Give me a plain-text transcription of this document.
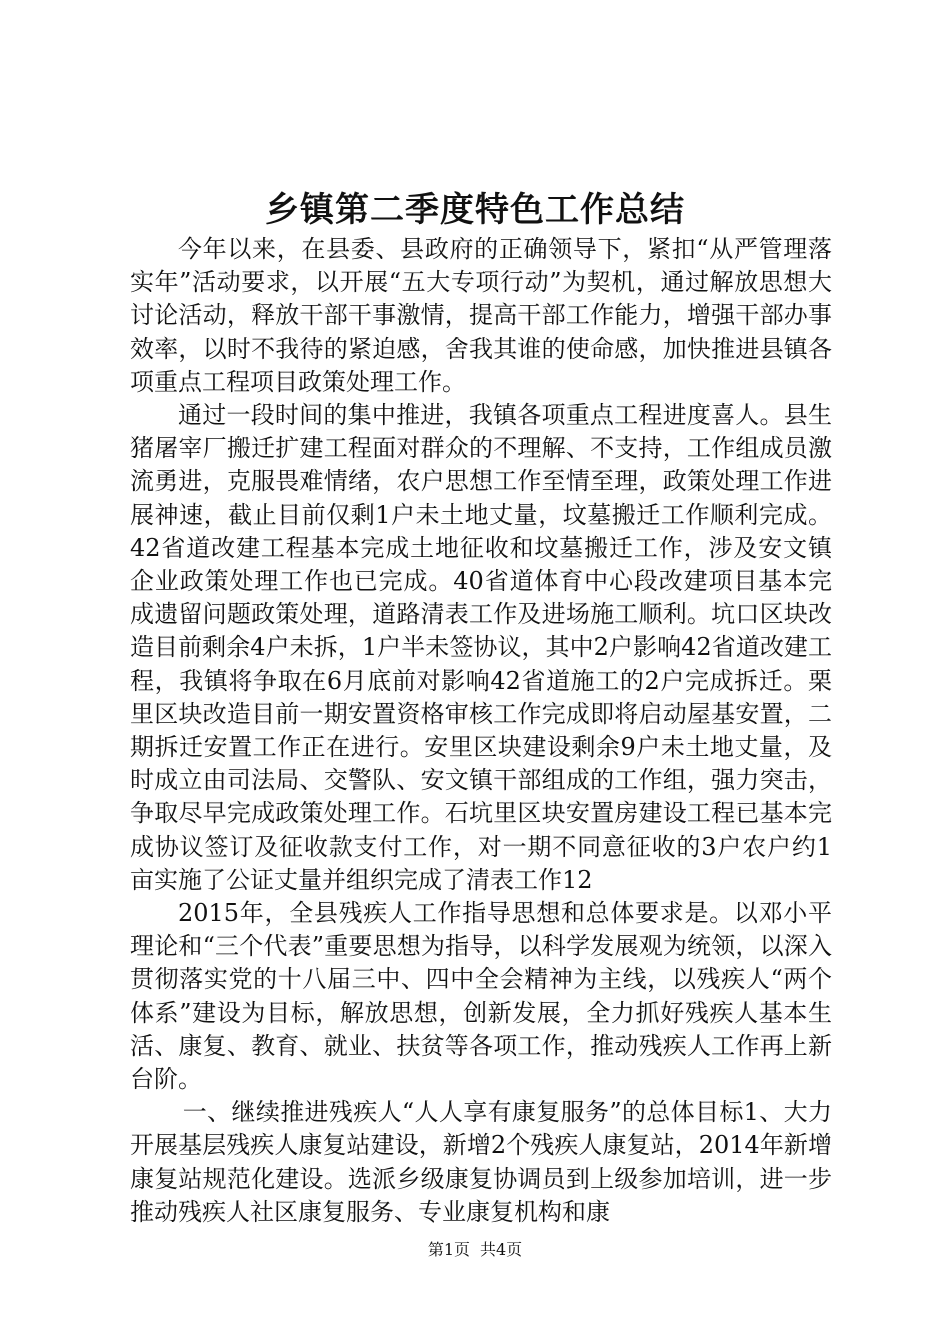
乡镇第二季度特色工作总结

今年以来，在县委、县政府的正确领导下，紧扣“从严管理落实年”活动要求，以开展“五大专项行动”为契机，通过解放思想大讨论活动，释放干部干事激情，提高干部工作能力，增强干部办事效率，以时不我待的紧迫感，舍我其谁的使命感，加快推进县镇各项重点工程项目政策处理工作。

通过一段时间的集中推进，我镇各项重点工程进度喜人。县生猪屠宰厂搬迁扩建工程面对群众的不理解、不支持，工作组成员激流勇进，克服畏难情绪，农户思想工作至情至理，政策处理工作进展神速，截止目前仅剩1户未土地丈量，坟墓搬迁工作顺利完成。42省道改建工程基本完成土地征收和坟墓搬迁工作，涉及安文镇企业政策处理工作也已完成。40省道体育中心段改建项目基本完成遗留问题政策处理，道路清表工作及进场施工顺利。坑口区块改造目前剩余4户未拆，1户半未签协议，其中2户影响42省道改建工程，我镇将争取在6月底前对影响42省道施工的2户完成拆迁。栗里区块改造目前一期安置资格审核工作完成即将启动屋基安置，二期拆迁安置工作正在进行。安里区块建设剩余9户未土地丈量，及时成立由司法局、交警队、安文镇干部组成的工作组，强力突击，争取尽早完成政策处理工作。石坑里区块安置房建设工程已基本完成协议签订及征收款支付工作，对一期不同意征收的3户农户约1亩实施了公证丈量并组织完成了清表工作12

2015年，全县残疾人工作指导思想和总体要求是。以邓小平理论和“三个代表”重要思想为指导，以科学发展观为统领，以深入贯彻落实党的十八届三中、四中全会精神为主线，以残疾人“两个体系”建设为目标，解放思想，创新发展，全力抓好残疾人基本生活、康复、教育、就业、扶贫等各项工作，推动残疾人工作再上新台阶。

一、继续推进残疾人“人人享有康复服务”的总体目标1、大力开展基层残疾人康复站建设，新增2个残疾人康复站，2014年新增康复站规范化建设。选派乡级康复协调员到上级参加培训，进一步推动残疾人社区康复服务、专业康复机构和康

第1页 共4页
